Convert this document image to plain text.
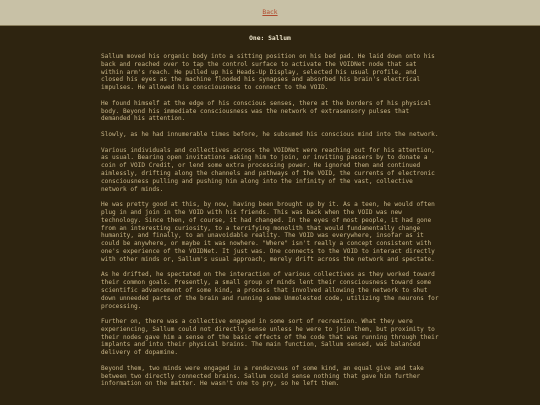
Back
One: Sallum

Sallum moved his organic body into a sitting position on his bed pad. He laid down onto his back and reached over to tap the control surface to activate the VOIDNet node that sat within arm's reach. He pulled up his Heads-Up Display, selected his usual profile, and closed his eyes as the machine flooded his synapses and absorbed his brain's electrical impulses. He allowed his consciousness to connect to the VOID.

He found himself at the edge of his conscious senses, there at the borders of his physical body. Beyond his immediate consciousness was the network of extrasensory pulses that demanded his attention.

Slowly, as he had innumerable times before, he subsumed his conscious mind into the network.

Various individuals and collectives across the VOIDNet were reaching out for his attention, as usual. Bearing open invitations asking him to join, or inviting passers by to donate a coin of VOID Credit, or lend some extra processing power. He ignored them and continued aimlessly, drifting along the channels and pathways of the VOID, the currents of electronic consciousness pulling and pushing him along into the infinity of the vast, collective network of minds.

He was pretty good at this, by now, having been brought up by it. As a teen, he would often plug in and join in the VOID with his friends. This was back when the VOID was new technology. Since then, of course, it had changed. In the eyes of most people, it had gone from an interesting curiosity, to a terrifying monolith that would fundamentally change humanity, and finally, to an unavoidable reality. The VOID was everywhere, insofar as it could be anywhere, or maybe it was nowhere. "Where" isn't really a concept consistent with one's experience of the VOIDNet. It just was. One connects to the VOID to interact directly with other minds or, Sallum's usual approach, merely drift across the network and spectate.

As he drifted, he spectated on the interaction of various collectives as they worked toward their common goals. Presently, a small group of minds lent their consciousness toward some scientific advancement of some kind, a process that involved allowing the network to shut down unneeded parts of the brain and running some Unmolested code, utilizing the neurons for processing.

Further on, there was a collective engaged in some sort of recreation. What they were experiencing, Sallum could not directly sense unless he were to join them, but proximity to their nodes gave him a sense of the basic effects of the code that was running through their implants and into their physical brains. The main function, Sallum sensed, was balanced delivery of dopamine.

Beyond them, two minds were engaged in a rendezvous of some kind, an equal give and take between two directly connected brains. Sallum could sense nothing that gave him further information on the matter. He wasn't one to pry, so he left them.
